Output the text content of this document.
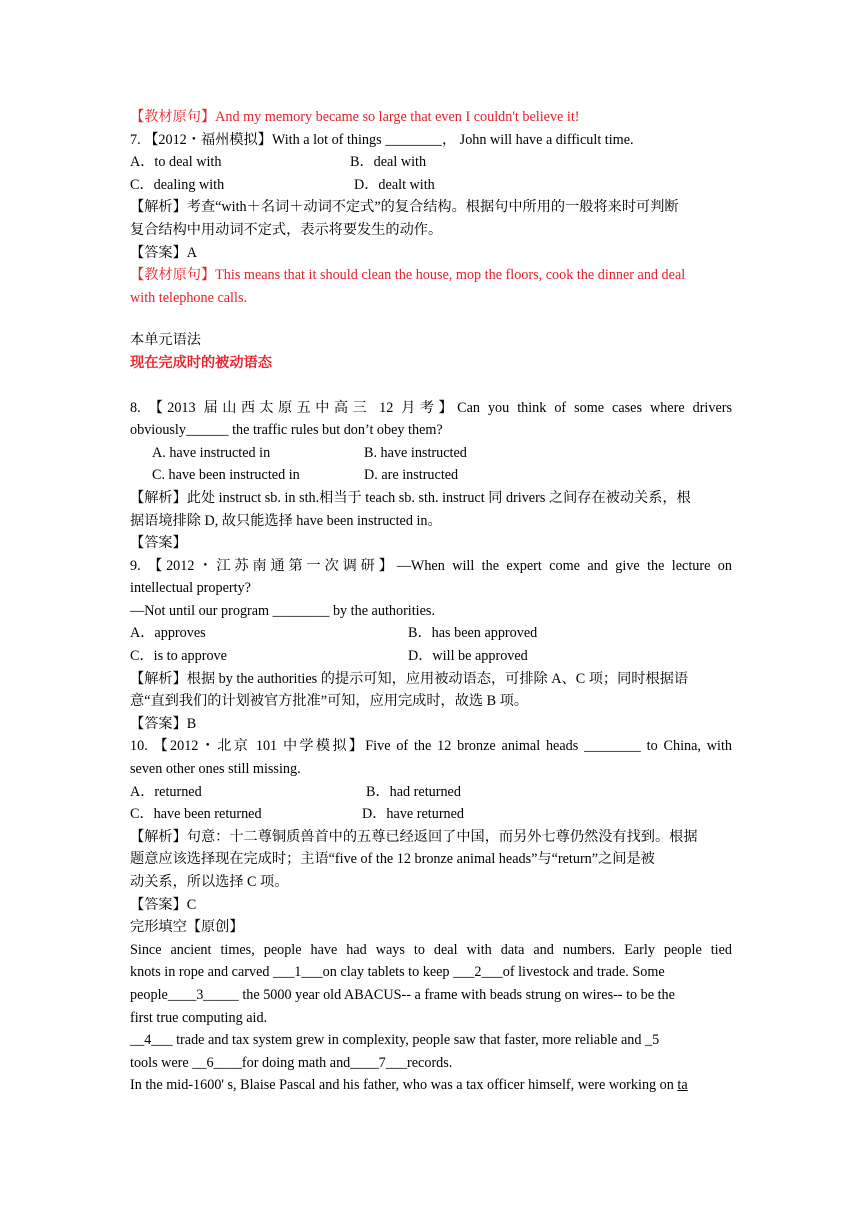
【教材原句】And my memory became so large that even I couldn't believe it!
7. 【2012・福州模拟】With a lot of things ________， John will have a difficult time.
A．to deal with	B．deal with
C．dealing with	D．dealt with
【解析】考查“with＋名词＋动词不定式”的复合结构。根据句中所用的一般将来时可判断
复合结构中用动词不定式，表示将要发生的动作。
【答案】A
【教材原句】This means that it should clean the house, mop the floors, cook the dinner and deal
with telephone calls.
本单元语法
现在完成时的被动语态
8. 【2013 届山西太原五中高三 12 月考】Can you think of some cases where drivers
obviously______ the traffic rules but don’t obey them?
A. have instructed in	B. have instructed
C. have been instructed in	D. are instructed
【解析】此处 instruct sb. in sth.相当于 teach sb. sth. instruct 同 drivers 之间存在被动关系，根
据语境排除 D, 故只能选择 have been instructed in。
【答案】
9. 【2012・江苏南通第一次调研】—When will the expert come and give the lecture on
intellectual property?
—Not until our program ________ by the authorities.
A．approves	B．has been approved
C．is to approve	D．will be approved
【解析】根据 by the authorities 的提示可知，应用被动语态，可排除 A、C 项；同时根据语
意“直到我们的计划被官方批准”可知，应用完成时，故选 B 项。
【答案】B
10. 【2012・北京 101 中学模拟】Five of the 12 bronze animal heads ________ to China, with
seven other ones still missing.
A．returned	B．had returned
C．have been returned	D．have returned
【解析】句意：十二尊铜质兽首中的五尊已经返回了中国，而另外七尊仍然没有找到。根据
题意应该选择现在完成时；主语“five of the 12 bronze animal heads”与“return”之间是被
动关系，所以选择 C 项。
【答案】C
完形填空【原创】
Since ancient times, people have had ways to deal with data and numbers. Early people tied
knots in rope and carved ___1___on clay tablets to keep ___2___of livestock and trade. Some
people____3_____ the 5000 year old ABACUS-- a frame with beads strung on wires-- to be the
first true computing aid.
__4___ trade and tax system grew in complexity, people saw that faster, more reliable and _5
tools were __6____for doing math and____7___records.
In the mid-1600' s, Blaise Pascal and his father, who was a tax officer himself, were working on ta
